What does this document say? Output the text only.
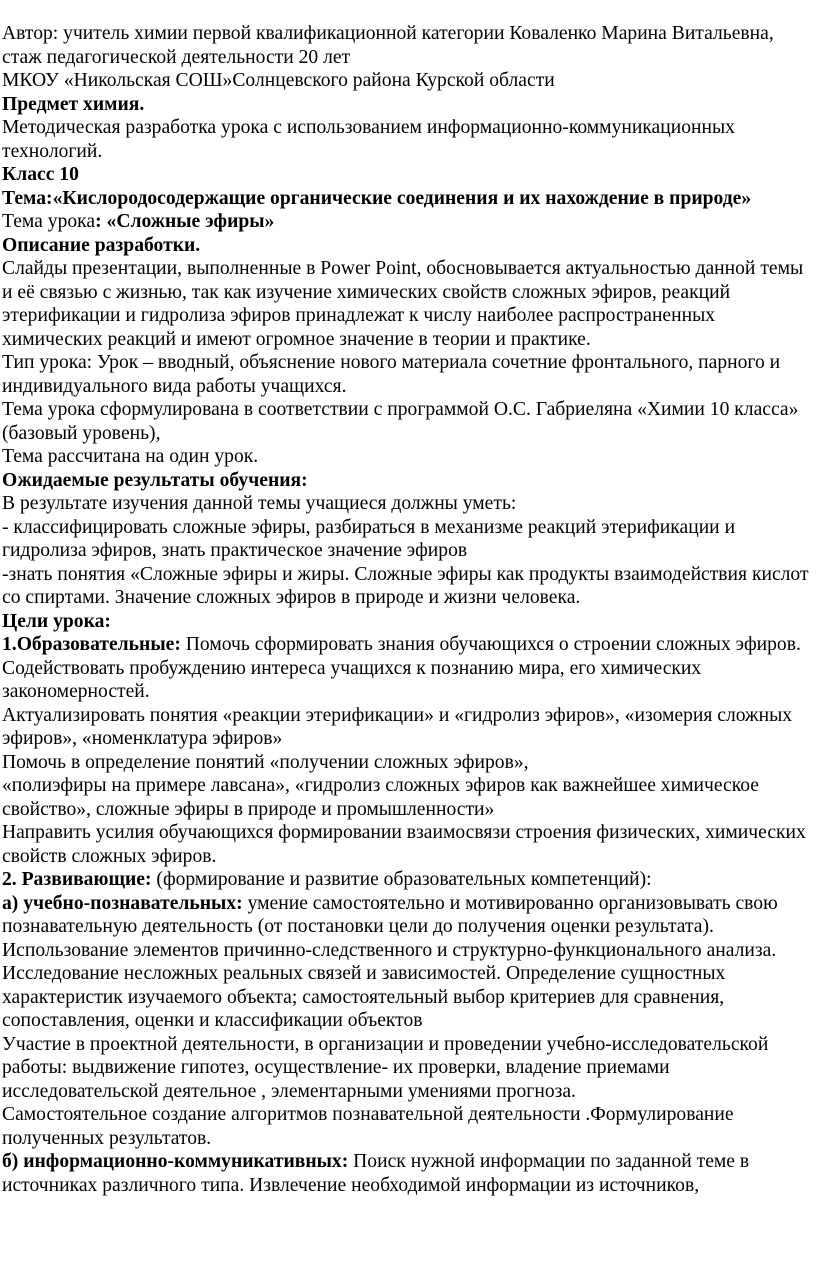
Автор: учитель химии первой квалификационной категории Коваленко Марина Витальевна, стаж педагогической деятельности 20 лет

МКОУ «Никольская СОШ»Солнцевского района Курской области

Предмет химия.

Методическая разработка урока с использованием информационно-коммуникационных технологий.

Класс 10

Тема:«Кислородосодержащие органические соединения и их нахождение в природе»

Тема урока: «Сложные эфиры»

Описание разработки.

Слайды презентации, выполненные в Power Point, обосновывается актуальностью данной темы и её связью с жизнью, так как изучение химических свойств сложных эфиров, реакций этерификации и гидролиза эфиров принадлежат к числу наиболее распространенных химических реакций и имеют огромное значение в теории и практике.

Тип урока: Урок – вводный, объяснение нового материала сочетние фронтального, парного и индивидуального вида работы учащихся.

Тема урока сформулирована в соответствии с программой О.С. Габриеляна «Химии 10 класса» (базовый уровень),

Тема рассчитана на один урок.

Ожидаемые результаты обучения:

В результате изучения данной темы учащиеся должны уметь:

- классифицировать сложные эфиры, разбираться в механизме реакций этерификации и гидролиза эфиров, знать практическое значение эфиров

-знать понятия «Сложные эфиры и жиры. Сложные эфиры как продукты взаимодействия кислот со спиртами. Значение сложных эфиров в природе и жизни человека.

Цели урока:

1.Образовательные: Помочь сформировать знания обучающихся о строении сложных эфиров.

Содействовать пробуждению интереса учащихся к познанию мира, его химических закономерностей.

Актуализировать понятия «реакции этерификации» и «гидролиз эфиров», «изомерия сложных эфиров», «номенклатура эфиров»

Помочь в определение понятий «получении сложных эфиров»,

«полиэфиры на примере лавсана», «гидролиз сложных эфиров как важнейшее химическое свойство», сложные эфиры в природе и промышленности»

Направить усилия обучающихся формировании взаимосвязи строения физических, химических свойств сложных эфиров.

2. Развивающие: (формирование и развитие образовательных компетенций):

а) учебно-познавательных: умение самостоятельно и мотивированно организовывать свою познавательную деятельность (от постановки цели до получения оценки результата). Использование элементов причинно-следственного и структурно-функционального анализа. Исследование несложных реальных связей и зависимостей. Определение сущностных характеристик изучаемого объекта; самостоятельный выбор критериев для сравнения, сопоставления, оценки и классификации объектов

Участие в проектной деятельности, в организации и проведении учебно-исследовательской работы: выдвижение гипотез, осуществление- их проверки, владение приемами исследовательской деятельное , элементарными умениями прогноза.

Самостоятельное создание алгоритмов познавательной деятельности .Формулирование полученных результатов.

б) информационно-коммуникативных: Поиск нужной информации по заданной теме в источниках различного типа. Извлечение необходимой информации из источников,
